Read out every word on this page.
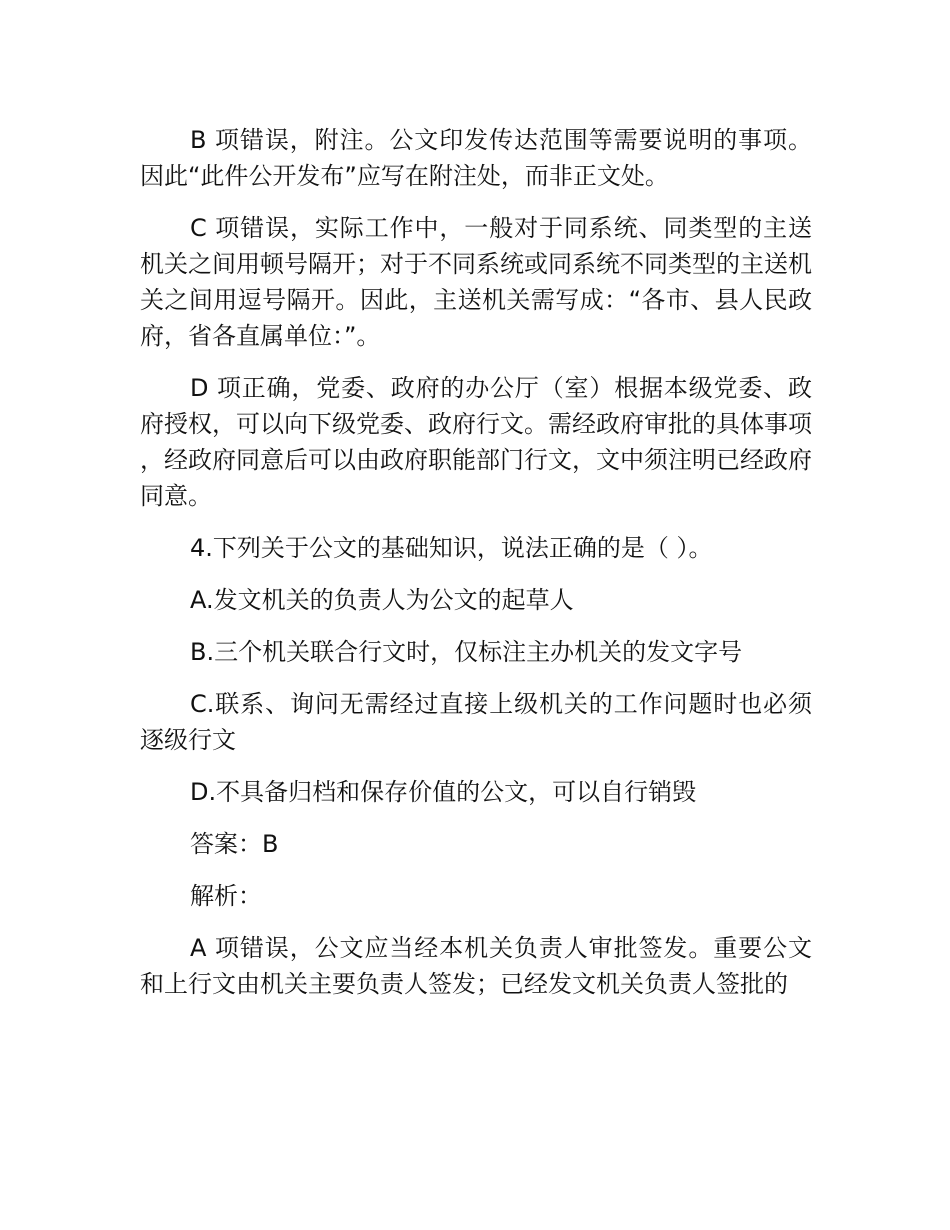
B 项错误，附注。公文印发传达范围等需要说明的事项。因此“此件公开发布”应写在附注处，而非正文处。

C 项错误，实际工作中，一般对于同系统、同类型的主送机关之间用顿号隔开；对于不同系统或同系统不同类型的主送机关之间用逗号隔开。因此，主送机关需写成：“各市、县人民政府，省各直属单位：”。

D 项正确，党委、政府的办公厅（室）根据本级党委、政府授权，可以向下级党委、政府行文。需经政府审批的具体事项，经政府同意后可以由政府职能部门行文，文中须注明已经政府同意。

4.下列关于公文的基础知识，说法正确的是（ ）。

A.发文机关的负责人为公文的起草人

B.三个机关联合行文时，仅标注主办机关的发文字号

C.联系、询问无需经过直接上级机关的工作问题时也必须逐级行文

D.不具备归档和保存价值的公文，可以自行销毁

答案：B

解析：

A 项错误，公文应当经本机关负责人审批签发。重要公文和上行文由机关主要负责人签发；已经发文机关负责人签批的
